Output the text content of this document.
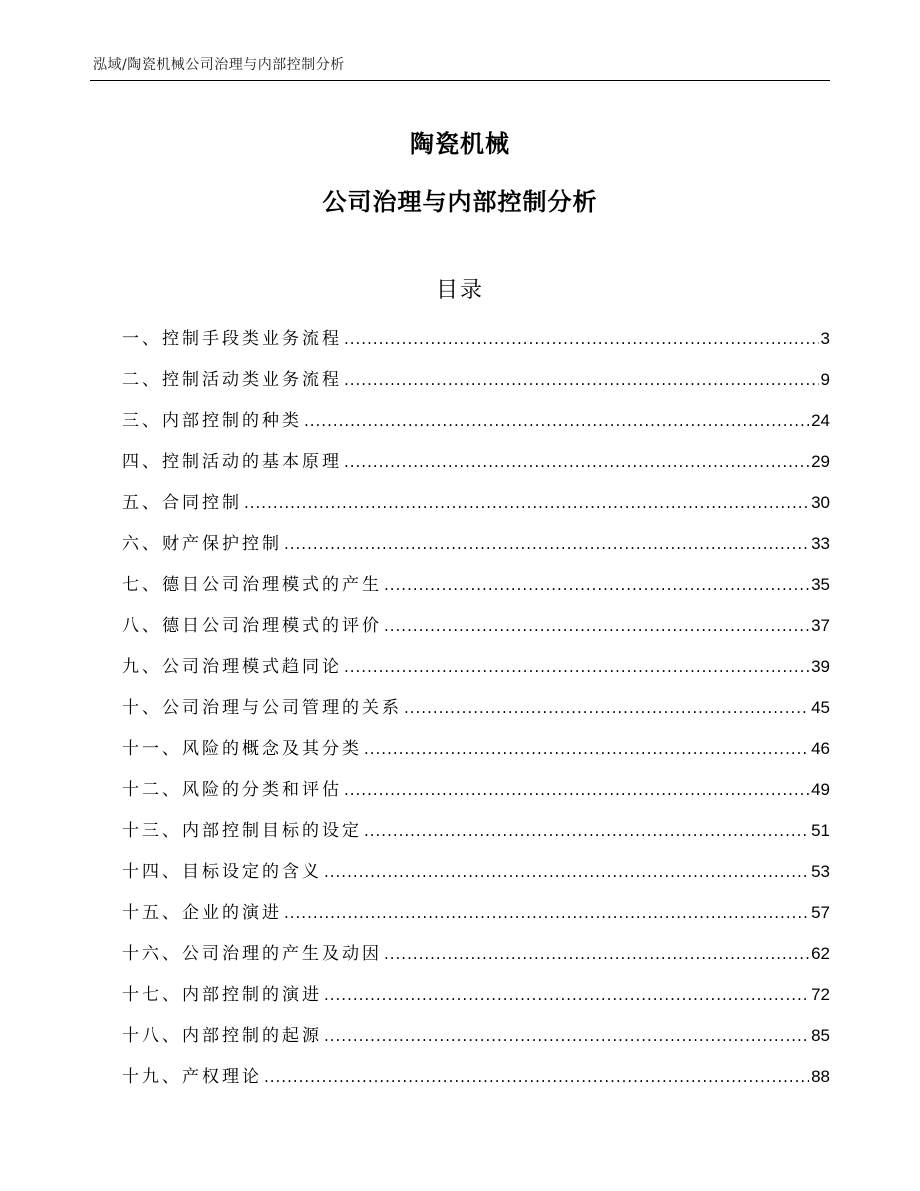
泓域/陶瓷机械公司治理与内部控制分析
陶瓷机械
公司治理与内部控制分析
目录
一、 控制手段类业务流程 .....	3
二、 控制活动类业务流程 .....	9
三、 内部控制的种类 .....	24
四、 控制活动的基本原理 .....	29
五、 合同控制 .....	30
六、 财产保护控制 .....	33
七、 德日公司治理模式的产生 .....	35
八、 德日公司治理模式的评价 .....	37
九、 公司治理模式趋同论 .....	39
十、 公司治理与公司管理的关系 .....	45
十一、 风险的概念及其分类 .....	46
十二、 风险的分类和评估 .....	49
十三、 内部控制目标的设定 .....	51
十四、 目标设定的含义 .....	53
十五、 企业的演进 .....	57
十六、 公司治理的产生及动因 .....	62
十七、 内部控制的演进 .....	72
十八、 内部控制的起源 .....	85
十九、 产权理论 .....	88
